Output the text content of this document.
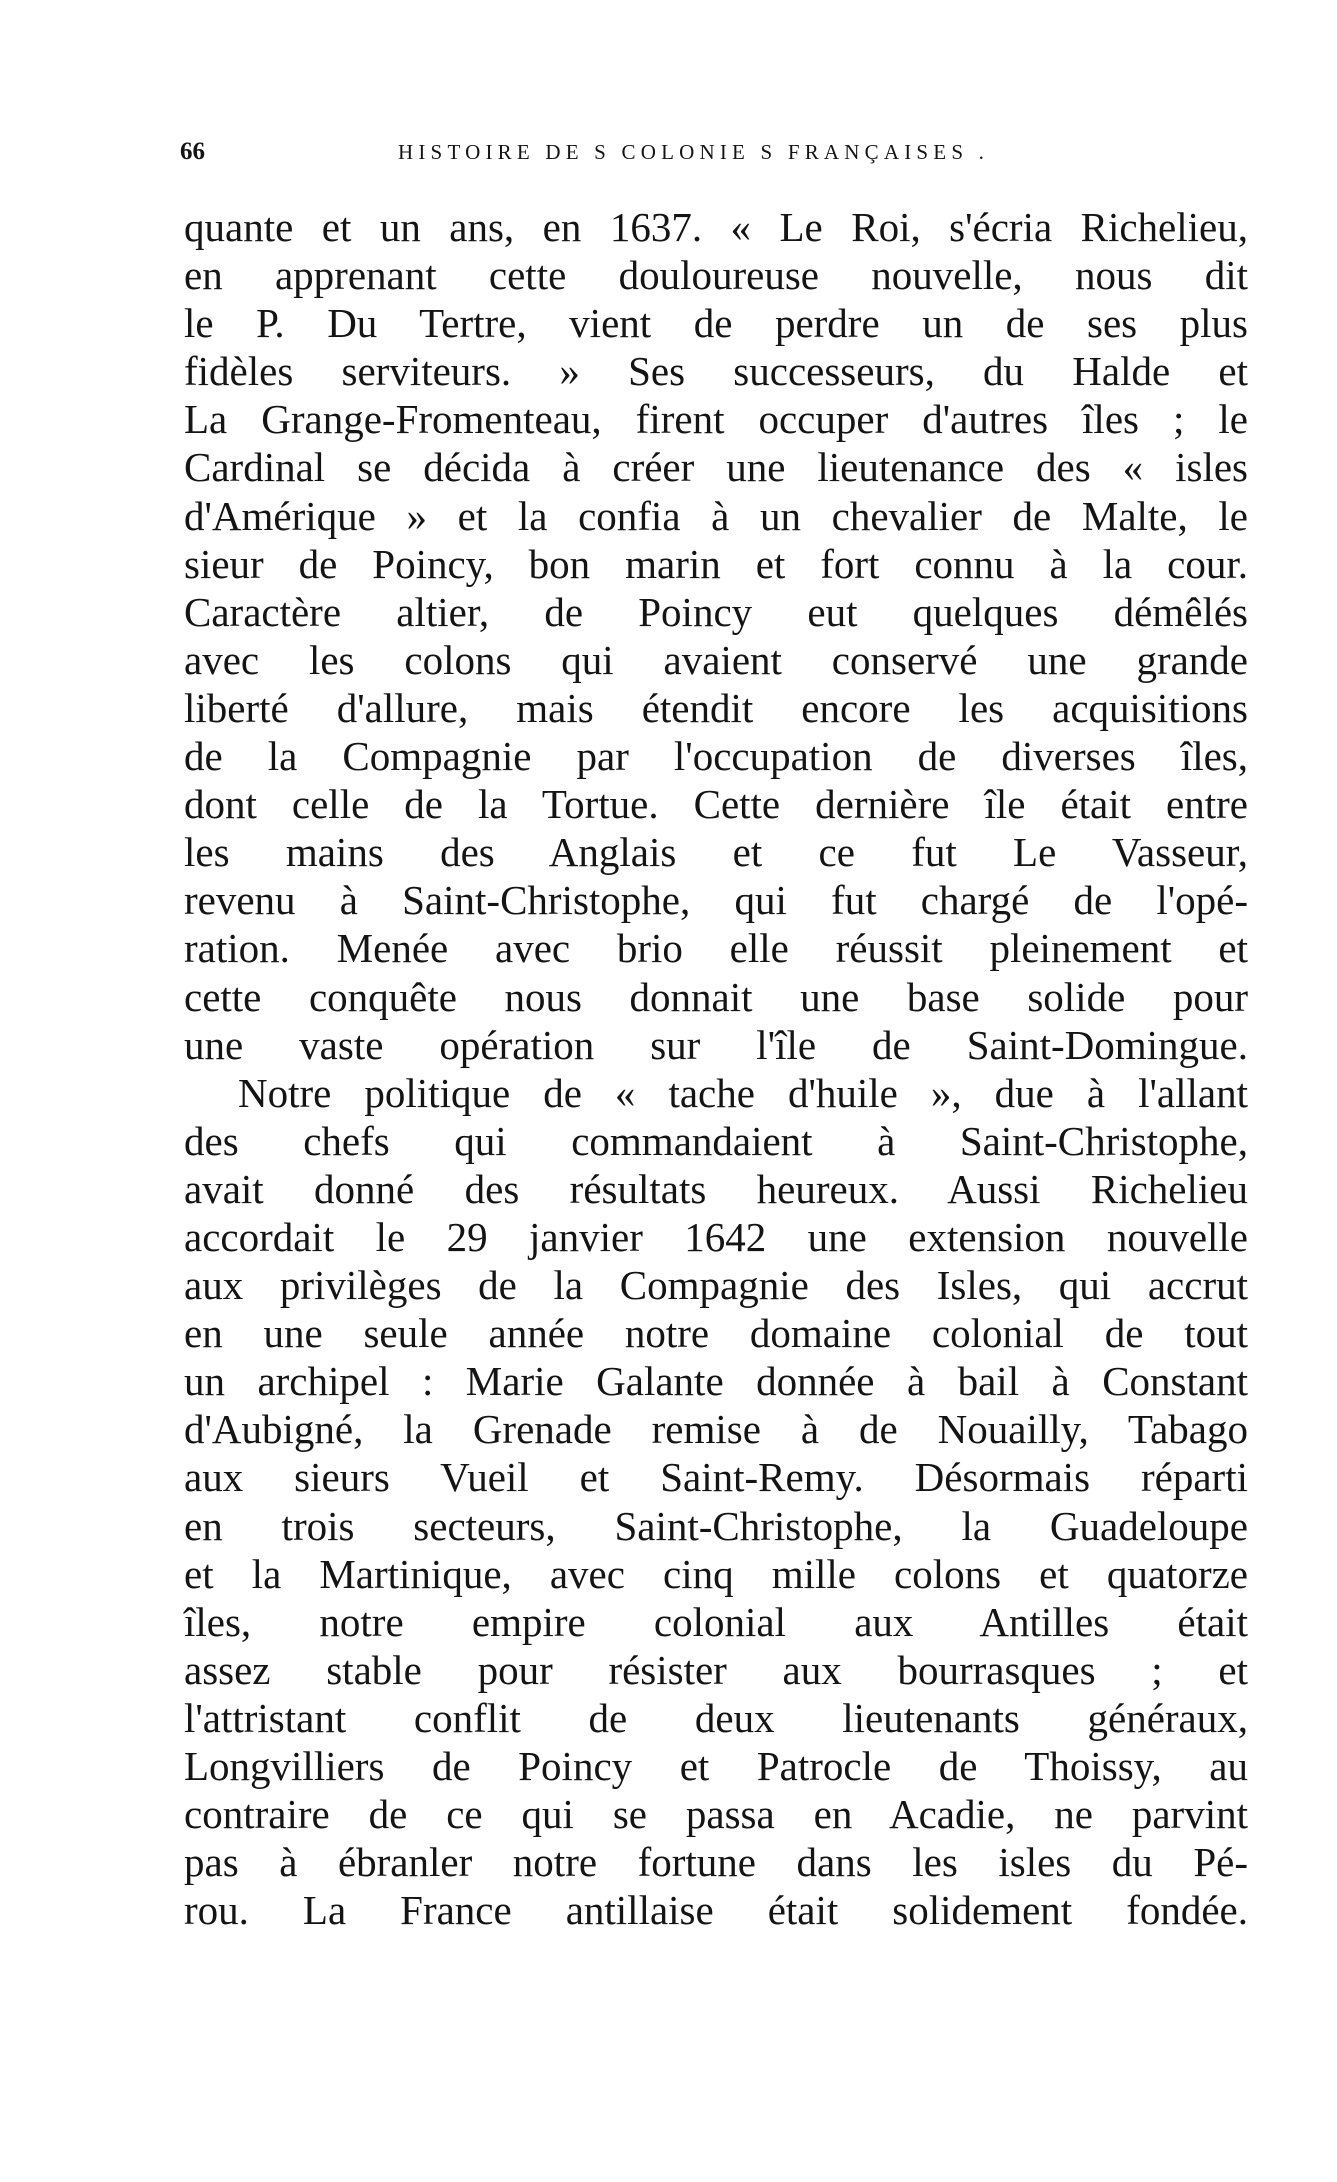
66	HISTOIRE DE S COLONIE S FRANÇAISES .
quante et un ans, en 1637. « Le Roi, s'écria Richelieu,
en apprenant cette douloureuse nouvelle, nous dit
le P. Du Tertre, vient de perdre un de ses plus
fidèles serviteurs. » Ses successeurs, du Halde et
La Grange-Fromenteau, firent occuper d'autres îles ; le
Cardinal se décida à créer une lieutenance des « isles
d'Amérique » et la confia à un chevalier de Malte, le
sieur de Poincy, bon marin et fort connu à la cour.
Caractère altier, de Poincy eut quelques démêlés
avec les colons qui avaient conservé une grande
liberté d'allure, mais étendit encore les acquisitions
de la Compagnie par l'occupation de diverses îles,
dont celle de la Tortue. Cette dernière île était entre
les mains des Anglais et ce fut Le Vasseur,
revenu à Saint-Christophe, qui fut chargé de l'opé-
ration. Menée avec brio elle réussit pleinement et
cette conquête nous donnait une base solide pour
une vaste opération sur l'île de Saint-Domingue.
Notre politique de « tache d'huile », due à l'allant
des chefs qui commandaient à Saint-Christophe,
avait donné des résultats heureux. Aussi Richelieu
accordait le 29 janvier 1642 une extension nouvelle
aux privilèges de la Compagnie des Isles, qui accrut
en une seule année notre domaine colonial de tout
un archipel : Marie Galante donnée à bail à Constant
d'Aubigné, la Grenade remise à de Nouailly, Tabago
aux sieurs Vueil et Saint-Remy. Désormais réparti
en trois secteurs, Saint-Christophe, la Guadeloupe
et la Martinique, avec cinq mille colons et quatorze
îles, notre empire colonial aux Antilles était
assez stable pour résister aux bourrasques ; et
l'attristant conflit de deux lieutenants généraux,
Longvilliers de Poincy et Patrocle de Thoissy, au
contraire de ce qui se passa en Acadie, ne parvint
pas à ébranler notre fortune dans les isles du Pé-
rou. La France antillaise était solidement fondée.
